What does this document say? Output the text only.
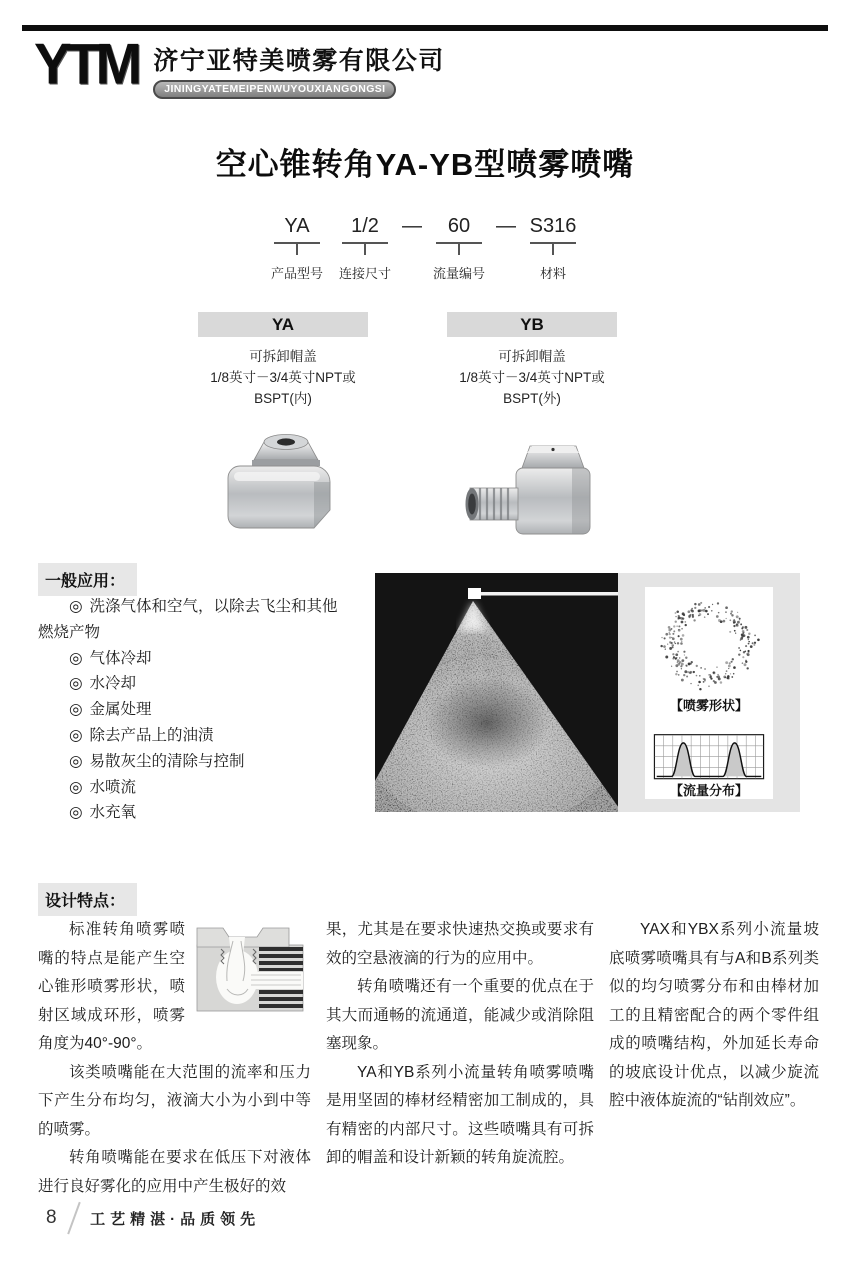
YTM 济宁亚特美喷雾有限公司
JININGYATEMEIPENWUYOUXIANGONGSI
空心锥转角YA-YB型喷雾喷嘴
YA
产品型号
1/2
连接尺寸
— 60
流量编号
— S316
材料
YA
可拆卸帽盖
1/8英寸－3/4英寸NPT或
BSPT(内)
YB
可拆卸帽盖
1/8英寸－3/4英寸NPT或
BSPT(外)
一般应用：
◎ 洗涤气体和空气，以除去飞尘和其他燃烧产物
◎ 气体冷却
◎ 水冷却
◎ 金属处理
◎ 除去产品上的油渍
◎ 易散灰尘的清除与控制
◎ 水喷流
◎ 水充氧
【喷雾形状】
【流量分布】
设计特点：

标准转角喷雾喷嘴的特点是能产生空心锥形喷雾形状，喷射区域成环形，喷雾角度为40°-90°。

该类喷嘴能在大范围的流率和压力下产生分布均匀，液滴大小为小到中等的喷雾。

转角喷嘴能在要求在低压下对液体进行良好雾化的应用中产生极好的效

果，尤其是在要求快速热交换或要求有效的空悬液滴的行为的应用中。

转角喷嘴还有一个重要的优点在于其大而通畅的流通道，能减少或消除阻塞现象。

YA和YB系列小流量转角喷雾喷嘴是用坚固的棒材经精密加工制成的，具有精密的内部尺寸。这些喷嘴具有可拆卸的帽盖和设计新颖的转角旋流腔。

YAX和YBX系列小流量坡底喷雾喷嘴具有与A和B系列类似的均匀喷雾分布和由棒材加工的且精密配合的两个零件组成的喷嘴结构，外加延长寿命的坡底设计优点，以减少旋流腔中液体旋流的“钻削效应”。

8 工艺精湛·品质领先
